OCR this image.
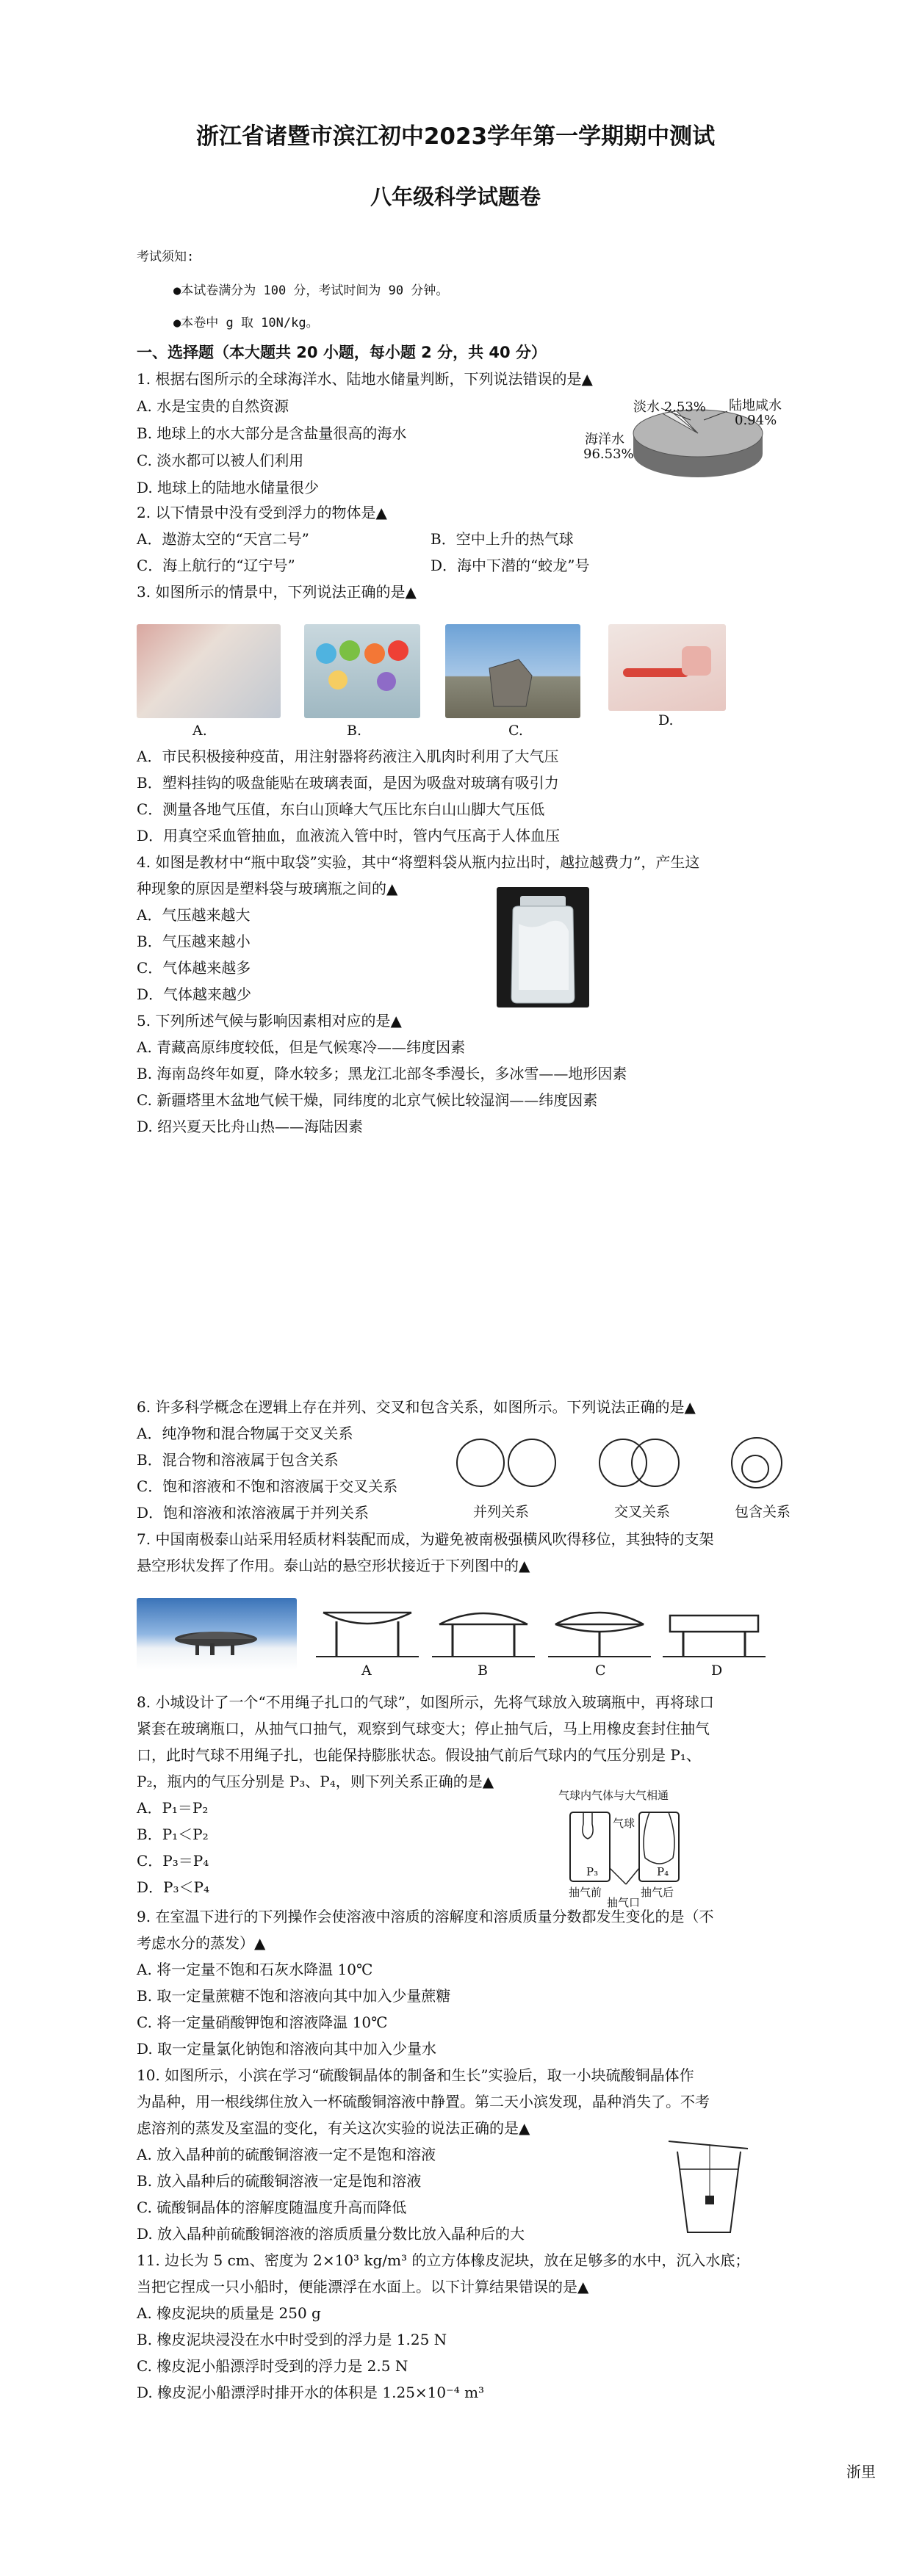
浙江省诸暨市滨江初中2023学年第一学期期中测试
八年级科学试题卷
考试须知:
●本试卷满分为 100 分，考试时间为 90 分钟。
●本卷中 g 取 10N/kg。
一、选择题（本大题共 20 小题，每小题 2 分，共 40 分）
1. 根据右图所示的全球海洋水、陆地水储量判断，下列说法错误的是▲
A. 水是宝贵的自然资源
B. 地球上的水大部分是含盐量很高的海水
C. 淡水都可以被人们利用
D. 地球上的陆地水储量很少
淡水 2.53% 陆地咸水
0.94%
海洋水
96.53%
2. 以下情景中没有受到浮力的物体是▲
A．遨游太空的“天宫二号”	B．空中上升的热气球
C．海上航行的“辽宁号”	D．海中下潜的“蛟龙”号
3. 如图所示的情景中，下列说法正确的是▲
A.	B.	C.
D.
A．市民积极接种疫苗，用注射器将药液注入肌肉时利用了大气压
B．塑料挂钩的吸盘能贴在玻璃表面，是因为吸盘对玻璃有吸引力
C．测量各地气压值，东白山顶峰大气压比东白山山脚大气压低
D．用真空采血管抽血，血液流入管中时，管内气压高于人体血压
4. 如图是教材中“瓶中取袋”实验，其中“将塑料袋从瓶内拉出时，越拉越费力”，产生这
种现象的原因是塑料袋与玻璃瓶之间的▲
A．气压越来越大
B．气压越来越小
C．气体越来越多
D．气体越来越少
5. 下列所述气候与影响因素相对应的是▲
A. 青藏高原纬度较低，但是气候寒冷——纬度因素
B. 海南岛终年如夏，降水较多；黑龙江北部冬季漫长，多冰雪——地形因素
C. 新疆塔里木盆地气候干燥，同纬度的北京气候比较湿润——纬度因素
D. 绍兴夏天比舟山热——海陆因素
6. 许多科学概念在逻辑上存在并列、交叉和包含关系，如图所示。下列说法正确的是▲
A．纯净物和混合物属于交叉关系
B．混合物和溶液属于包含关系
C．饱和溶液和不饱和溶液属于交叉关系
D．饱和溶液和浓溶液属于并列关系	并列关系	交叉关系	包含关系
7. 中国南极泰山站采用轻质材料装配而成，为避免被南极强横风吹得移位，其独特的支架
悬空形状发挥了作用。泰山站的悬空形状接近于下列图中的▲
A	B	C	D
8. 小城设计了一个“不用绳子扎口的气球”，如图所示，先将气球放入玻璃瓶中，再将球口
紧套在玻璃瓶口，从抽气口抽气，观察到气球变大；停止抽气后，马上用橡皮套封住抽气
口，此时气球不用绳子扎，也能保持膨胀状态。假设抽气前后气球内的气压分别是 P₁、
P₂，瓶内的气压分别是 P₃、P₄，则下列关系正确的是▲
A．P₁＝P₂
B．P₁＜P₂
C．P₃＝P₄
D．P₃＜P₄
气球内气体与大气相通
气球
P₃	P₄
抽气前	抽气后
抽气口
9. 在室温下进行的下列操作会使溶液中溶质的溶解度和溶质质量分数都发生变化的是（不
考虑水分的蒸发）▲
A. 将一定量不饱和石灰水降温 10℃
B. 取一定量蔗糖不饱和溶液向其中加入少量蔗糖
C. 将一定量硝酸钾饱和溶液降温 10℃
D. 取一定量氯化钠饱和溶液向其中加入少量水
10. 如图所示，小滨在学习“硫酸铜晶体的制备和生长”实验后，取一小块硫酸铜晶体作
为晶种，用一根线绑住放入一杯硫酸铜溶液中静置。第二天小滨发现，晶种消失了。不考
虑溶剂的蒸发及室温的变化，有关这次实验的说法正确的是▲
A. 放入晶种前的硫酸铜溶液一定不是饱和溶液
B. 放入晶种后的硫酸铜溶液一定是饱和溶液
C. 硫酸铜晶体的溶解度随温度升高而降低
D. 放入晶种前硫酸铜溶液的溶质质量分数比放入晶种后的大
11. 边长为 5 cm、密度为 2×10³ kg/m³ 的立方体橡皮泥块，放在足够多的水中，沉入水底；
当把它捏成一只小船时，便能漂浮在水面上。以下计算结果错误的是▲
A. 橡皮泥块的质量是 250 g
B. 橡皮泥块浸没在水中时受到的浮力是 1.25 N
C. 橡皮泥小船漂浮时受到的浮力是 2.5 N
D. 橡皮泥小船漂浮时排开水的体积是 1.25×10⁻⁴ m³
浙里
